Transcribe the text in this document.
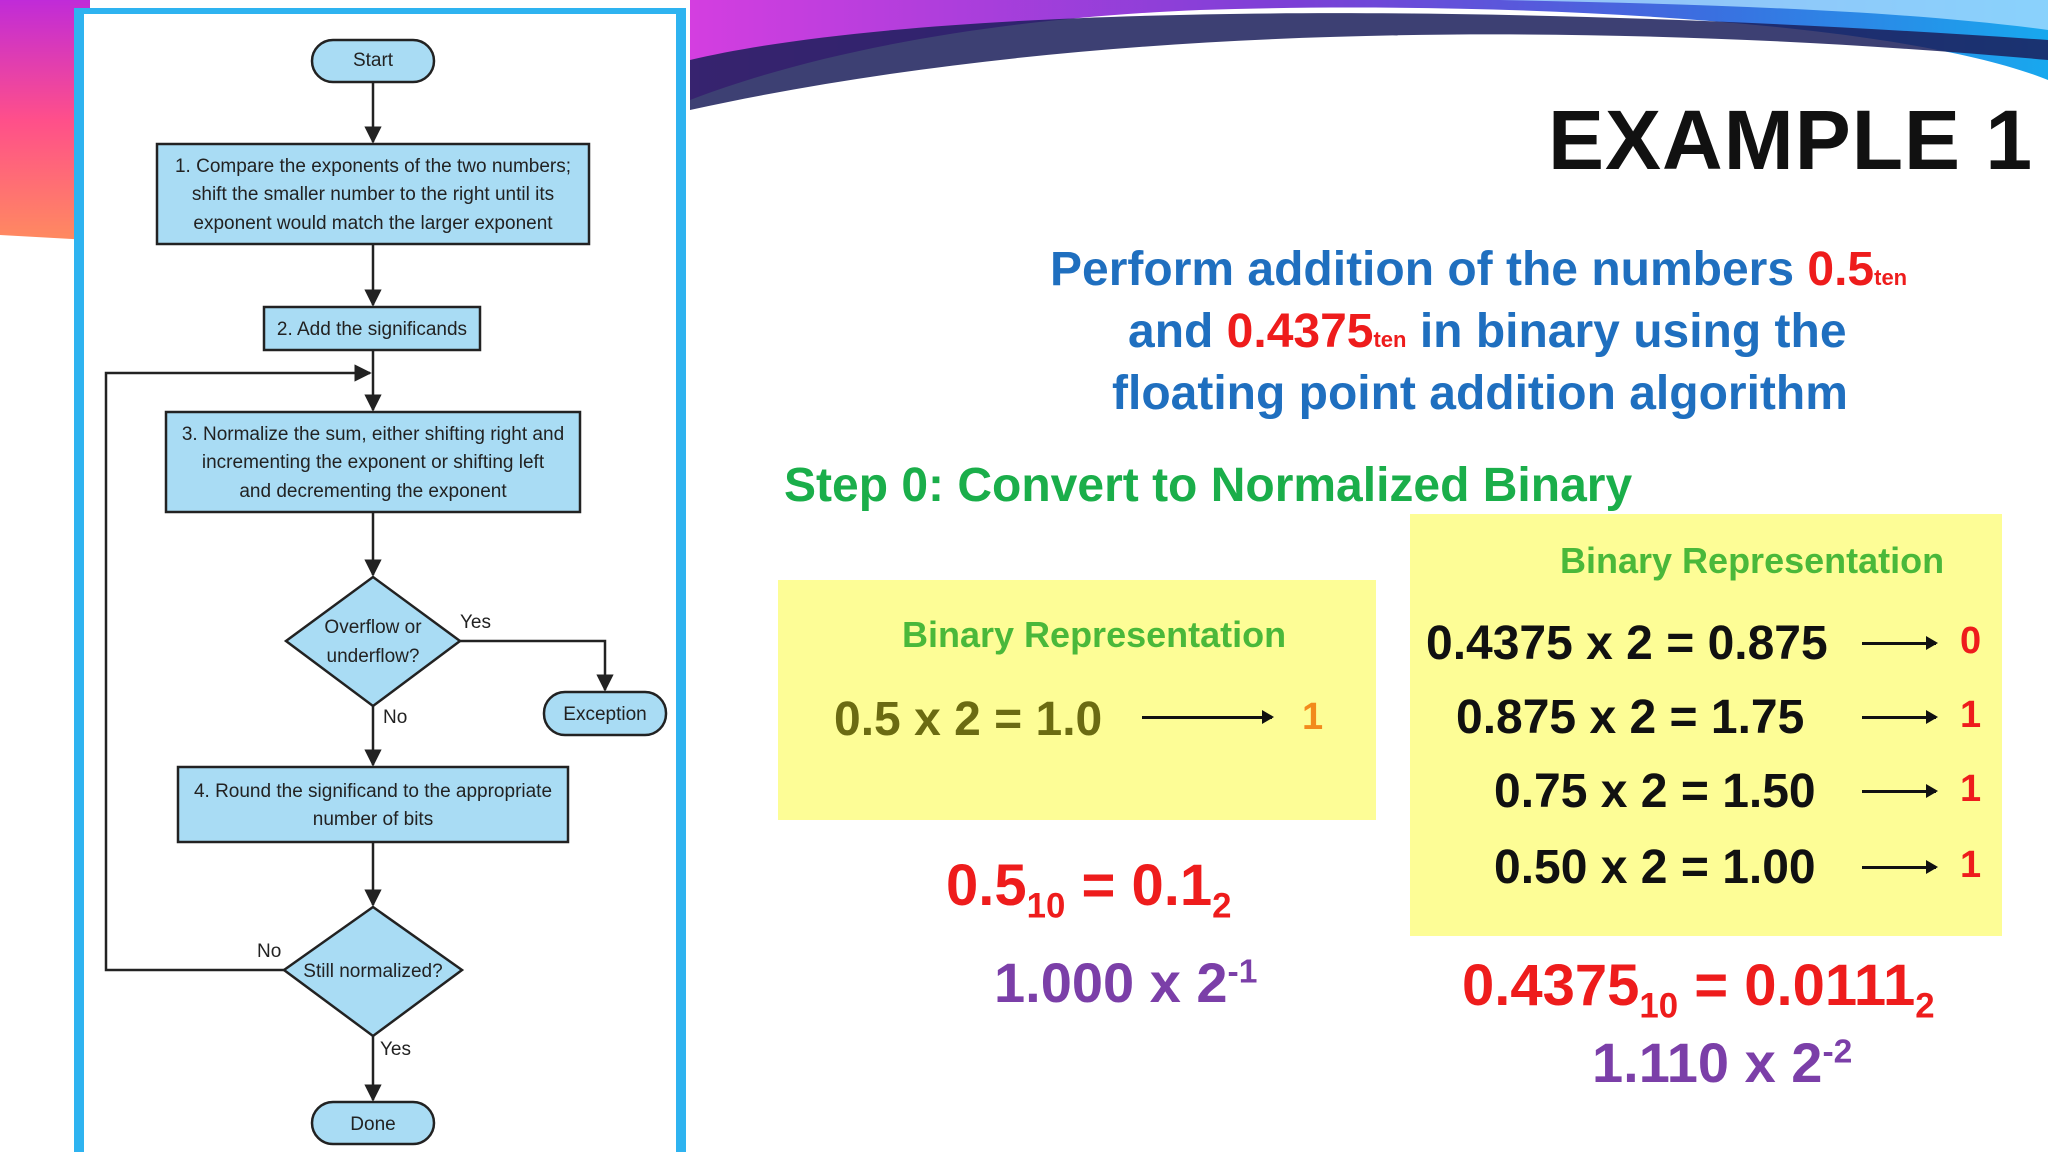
Start
1. Compare the exponents of the two numbers;
shift the smaller number to the right until its
exponent would match the larger exponent
2. Add the significands
3. Normalize the sum, either shifting right and
incrementing the exponent or shifting left
and decrementing the exponent
Overflow or
underflow?
Yes
No	Exception
4. Round the significand to the appropriate
number of bits
Still normalized?
No
Yes
Done
EXAMPLE 1
Perform addition of the numbers 0.5ten
and 0.4375ten in binary using the
floating point addition algorithm
Step 0: Convert to Normalized Binary
Binary Representation
0.5 x 2 = 1.0	1
$0.5_{10} = 0.1_2$
1.000 x $2^{-1}$
Binary Representation
0.4375 x 2 = 0.875	0
0.875 x 2 = 1.75	1
0.75 x 2 = 1.50	1
0.50 x 2 = 1.00	1
$0.4375_{10} = 0.0111_2$
1.110 x $2^{-2}$
